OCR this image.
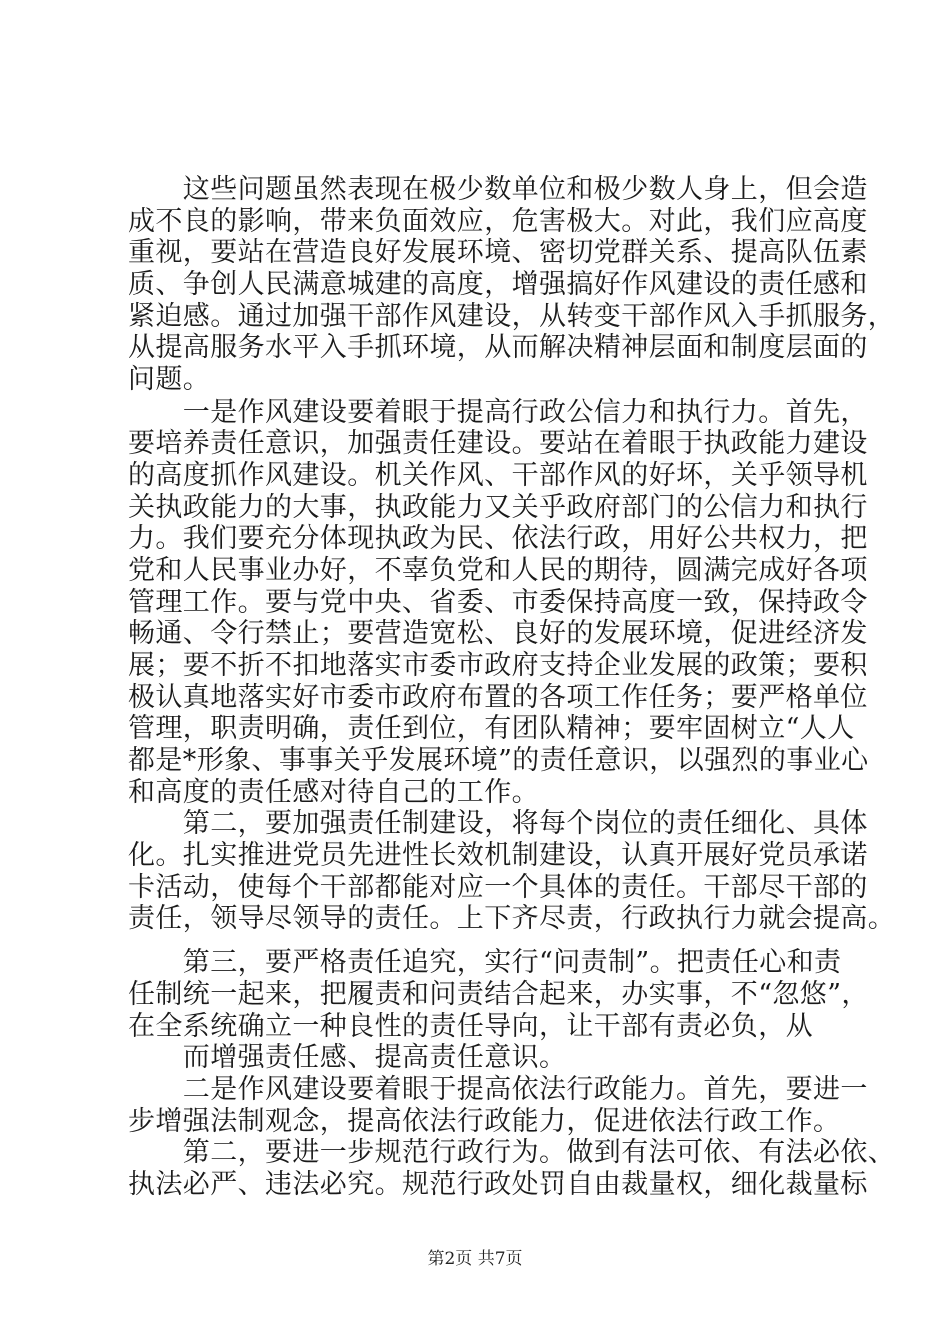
　　这些问题虽然表现在极少数单位和极少数人身上，但会造
成不良的影响，带来负面效应，危害极大。对此，我们应高度
重视，要站在营造良好发展环境、密切党群关系、提高队伍素
质、争创人民满意城建的高度，增强搞好作风建设的责任感和
紧迫感。通过加强干部作风建设，从转变干部作风入手抓服务，
从提高服务水平入手抓环境，从而解决精神层面和制度层面的
问题。
　　一是作风建设要着眼于提高行政公信力和执行力。首先，
要培养责任意识，加强责任建设。要站在着眼于执政能力建设
的高度抓作风建设。机关作风、干部作风的好坏，关乎领导机
关执政能力的大事，执政能力又关乎政府部门的公信力和执行
力。我们要充分体现执政为民、依法行政，用好公共权力，把
党和人民事业办好，不辜负党和人民的期待，圆满完成好各项
管理工作。要与党中央、省委、市委保持高度一致，保持政令
畅通、令行禁止；要营造宽松、良好的发展环境，促进经济发
展；要不折不扣地落实市委市政府支持企业发展的政策；要积
极认真地落实好市委市政府布置的各项工作任务；要严格单位
管理，职责明确，责任到位，有团队精神；要牢固树立“人人
都是*形象、事事关乎发展环境”的责任意识，以强烈的事业心
和高度的责任感对待自己的工作。
　　第二，要加强责任制建设，将每个岗位的责任细化、具体
化。扎实推进党员先进性长效机制建设，认真开展好党员承诺
卡活动，使每个干部都能对应一个具体的责任。干部尽干部的
责任，领导尽领导的责任。上下齐尽责，行政执行力就会提高。
　　第三，要严格责任追究，实行“问责制”。把责任心和责
任制统一起来，把履责和问责结合起来，办实事，不“忽悠”，
在全系统确立一种良性的责任导向，让干部有责必负，从
　　而增强责任感、提高责任意识。
　　二是作风建设要着眼于提高依法行政能力。首先，要进一
步增强法制观念，提高依法行政能力，促进依法行政工作。
　　第二，要进一步规范行政行为。做到有法可依、有法必依、
执法必严、违法必究。规范行政处罚自由裁量权，细化裁量标
第2页 共7页
